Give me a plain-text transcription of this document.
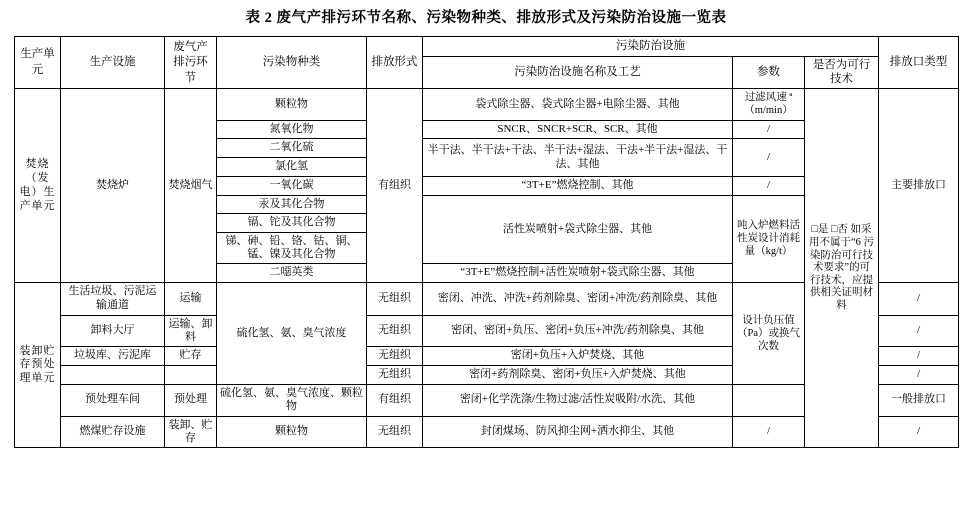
表 2 废气产排污环节名称、污染物种类、排放形式及污染防治设施一览表
生产单元	生产设施	废气产排污环节	污染物种类	排放形式	污染防治设施			排放口类型
					污染防治设施名称及工艺	参数	是否为可行技术	
焚烧（发电）生产单元	焚烧炉	焚烧烟气	颗粒物	有组织	袋式除尘器、袋式除尘器+电除尘器、其他	过滤风速 ª（m/min）	□是 □否 如采用不属于“6 污染防治可行技术要求”的可行技术，应提供相关证明材料	主要排放口
			氮氧化物		SNCR、SNCR+SCR、SCR、其他	/		
			二氧化硫		半干法、半干法+干法、半干法+湿法、干法+半干法+湿法、干法、其他	/		
			氯化氢					
			一氧化碳		“3T+E”燃烧控制、其他	/		
			汞及其化合物		活性炭喷射+袋式除尘器、其他	吨入炉燃料活性炭设计消耗量（kg/t）		
			镉、铊及其化合物					
			锑、砷、铅、铬、钴、铜、锰、镍及其化合物					
			二噁英类		“3T+E”燃烧控制+活性炭喷射+袋式除尘器、其他			
装卸贮存预处理单元	生活垃圾、污泥运输通道	运输	硫化氢、氨、臭气浓度	无组织	密闭、冲洗、冲洗+药剂除臭、密闭+冲洗/药剂除臭、其他	设计负压值（Pa）或换气次数		/
	卸料大厅	运输、卸料		无组织	密闭、密闭+负压、密闭+负压+冲洗/药剂除臭、其他			/
	垃圾库、污泥库	贮存		无组织	密闭+负压+入炉焚烧、其他			/
				无组织	密闭+药剂除臭、密闭+负压+入炉焚烧、其他			/
	预处理车间	预处理	硫化氢、氨、臭气浓度、颗粒物	有组织	密闭+化学洗涤/生物过滤/活性炭吸附/水洗、其他			一般排放口
	燃煤贮存设施	装卸、贮存	颗粒物	无组织	封闭煤场、防风抑尘网+洒水抑尘、其他	/		/
